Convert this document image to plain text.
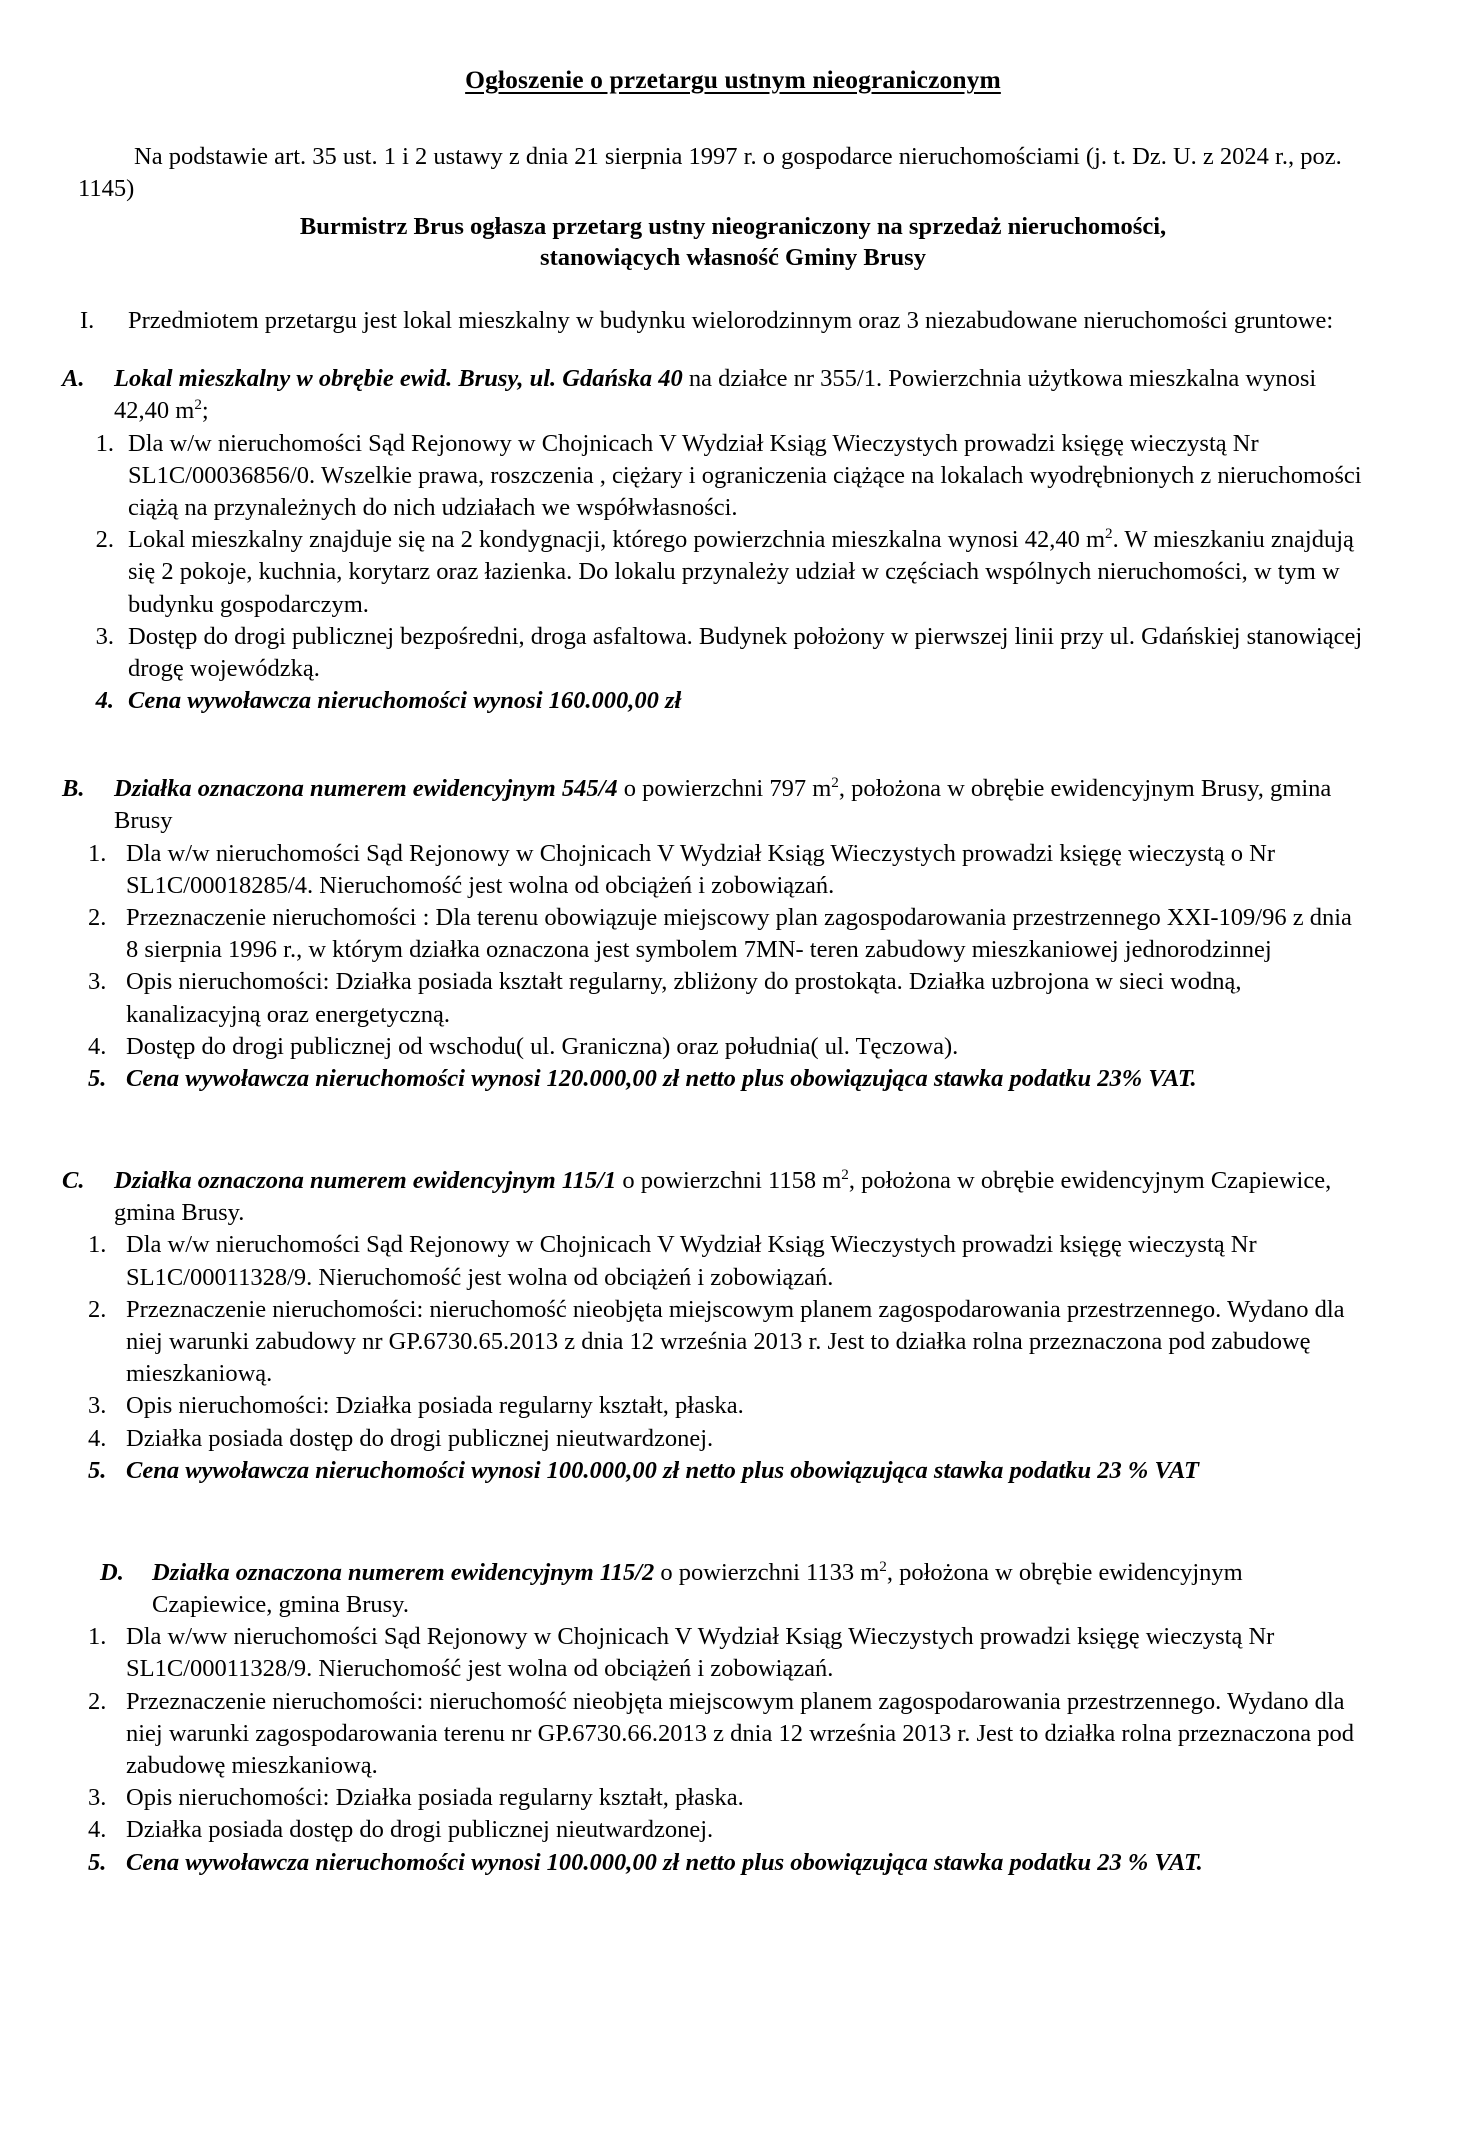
Ogłoszenie o przetargu ustnym nieograniczonym

Na podstawie art. 35 ust. 1 i 2 ustawy z dnia 21 sierpnia 1997 r. o gospodarce nieruchomościami (j. t. Dz. U. z 2024 r., poz. 1145)

Burmistrz Brus ogłasza przetarg ustny nieograniczony na sprzedaż nieruchomości,
stanowiących własność Gminy Brusy
I.	Przedmiotem przetargu jest lokal mieszkalny w budynku wielorodzinnym oraz 3 niezabudowane nieruchomości gruntowe:
A.	Lokal mieszkalny w obrębie ewid. Brusy, ul. Gdańska 40 na działce nr 355/1. Powierzchnia użytkowa mieszkalna wynosi 42,40 $m^2$;
1. Dla w/w nieruchomości Sąd Rejonowy w Chojnicach V Wydział Ksiąg Wieczystych prowadzi księgę wieczystą Nr SL1C/00036856/0. Wszelkie prawa, roszczenia , ciężary i ograniczenia ciążące na lokalach wyodrębnionych z nieruchomości ciążą na przynależnych do nich udziałach we współwłasności.
2. Lokal mieszkalny znajduje się na 2 kondygnacji, którego powierzchnia mieszkalna wynosi 42,40 $m^2$. W mieszkaniu znajdują się 2 pokoje, kuchnia, korytarz oraz łazienka. Do lokalu przynależy udział w częściach wspólnych nieruchomości, w tym w budynku gospodarczym.
3. Dostęp do drogi publicznej bezpośredni, droga asfaltowa. Budynek położony w pierwszej linii przy ul. Gdańskiej stanowiącej drogę wojewódzką.
4. Cena wywoławcza nieruchomości wynosi 160.000,00 zł
B.	Działka oznaczona numerem ewidencyjnym 545/4 o powierzchni 797 $m^2$, położona w obrębie ewidencyjnym Brusy, gmina Brusy
1. Dla w/w nieruchomości Sąd Rejonowy w Chojnicach V Wydział Ksiąg Wieczystych prowadzi księgę wieczystą o Nr SL1C/00018285/4. Nieruchomość jest wolna od obciążeń i zobowiązań.
2. Przeznaczenie nieruchomości : Dla terenu obowiązuje miejscowy plan zagospodarowania przestrzennego XXI-109/96 z dnia 8 sierpnia 1996 r., w którym działka oznaczona jest symbolem 7MN- teren zabudowy mieszkaniowej jednorodzinnej
3. Opis nieruchomości: Działka posiada kształt regularny, zbliżony do prostokąta. Działka uzbrojona w sieci wodną, kanalizacyjną oraz energetyczną.
4. Dostęp do drogi publicznej od wschodu( ul. Graniczna) oraz południa( ul. Tęczowa).
5. Cena wywoławcza nieruchomości wynosi 120.000,00 zł netto plus obowiązująca stawka podatku 23% VAT.
C.	Działka oznaczona numerem ewidencyjnym 115/1 o powierzchni 1158 $m^2$, położona w obrębie ewidencyjnym Czapiewice, gmina Brusy.
1. Dla w/w nieruchomości Sąd Rejonowy w Chojnicach V Wydział Ksiąg Wieczystych prowadzi księgę wieczystą Nr SL1C/00011328/9. Nieruchomość jest wolna od obciążeń i zobowiązań.
2. Przeznaczenie nieruchomości: nieruchomość nieobjęta miejscowym planem zagospodarowania przestrzennego. Wydano dla niej warunki zabudowy nr GP.6730.65.2013 z dnia 12 września 2013 r. Jest to działka rolna przeznaczona pod zabudowę mieszkaniową.
3. Opis nieruchomości: Działka posiada regularny kształt, płaska.
4. Działka posiada dostęp do drogi publicznej nieutwardzonej.
5. Cena wywoławcza nieruchomości wynosi 100.000,00 zł netto plus obowiązująca stawka podatku 23 % VAT
D.	Działka oznaczona numerem ewidencyjnym 115/2 o powierzchni 1133 $m^2$, położona w obrębie ewidencyjnym Czapiewice, gmina Brusy.
1. Dla w/ww nieruchomości Sąd Rejonowy w Chojnicach V Wydział Ksiąg Wieczystych prowadzi księgę wieczystą Nr SL1C/00011328/9. Nieruchomość jest wolna od obciążeń i zobowiązań.
2. Przeznaczenie nieruchomości: nieruchomość nieobjęta miejscowym planem zagospodarowania przestrzennego. Wydano dla niej warunki zagospodarowania terenu nr GP.6730.66.2013 z dnia 12 września 2013 r. Jest to działka rolna przeznaczona pod zabudowę mieszkaniową.
3. Opis nieruchomości: Działka posiada regularny kształt, płaska.
4. Działka posiada dostęp do drogi publicznej nieutwardzonej.
5. Cena wywoławcza nieruchomości wynosi 100.000,00 zł netto plus obowiązująca stawka podatku 23 % VAT.
